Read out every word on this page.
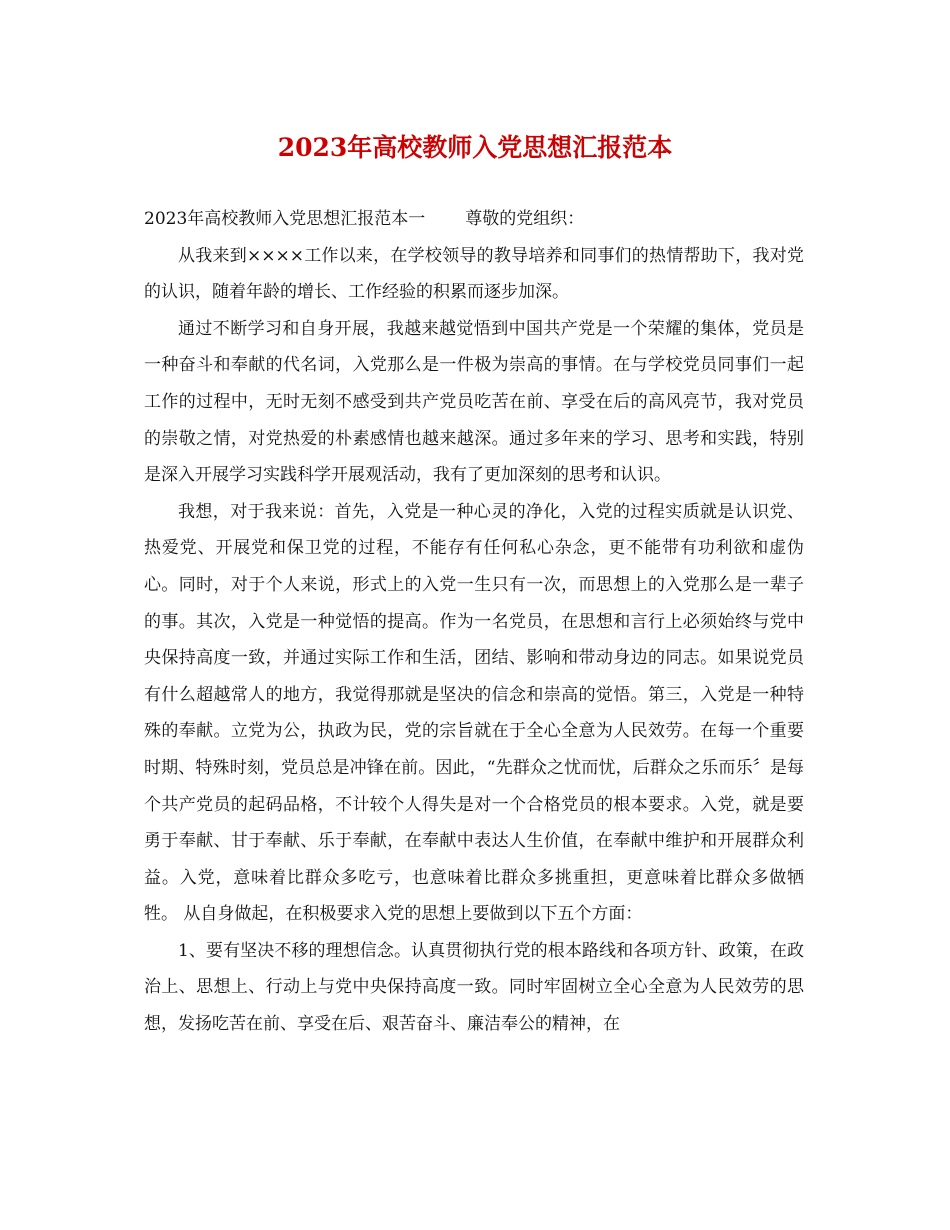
2023年高校教师入党思想汇报范本

2023年高校教师入党思想汇报范本一 尊敬的党组织：

从我来到××××工作以来，在学校领导的教导培养和同事们的热情帮助下，我对党的认识，随着年龄的增长、工作经验的积累而逐步加深。

通过不断学习和自身开展，我越来越觉悟到中国共产党是一个荣耀的集体，党员是一种奋斗和奉献的代名词，入党那么是一件极为崇高的事情。在与学校党员同事们一起工作的过程中，无时无刻不感受到共产党员吃苦在前、享受在后的高风亮节，我对党员的崇敬之情，对党热爱的朴素感情也越来越深。通过多年来的学习、思考和实践，特别是深入开展学习实践科学开展观活动，我有了更加深刻的思考和认识。

我想，对于我来说：首先，入党是一种心灵的净化，入党的过程实质就是认识党、热爱党、开展党和保卫党的过程，不能存有任何私心杂念，更不能带有功利欲和虚伪心。同时，对于个人来说，形式上的入党一生只有一次，而思想上的入党那么是一辈子的事。其次，入党是一种觉悟的提高。作为一名党员，在思想和言行上必须始终与党中央保持高度一致，并通过实际工作和生活，团结、影响和带动身边的同志。如果说党员有什么超越常人的地方，我觉得那就是坚决的信念和崇高的觉悟。第三，入党是一种特殊的奉献。立党为公，执政为民，党的宗旨就在于全心全意为人民效劳。在每一个重要时期、特殊时刻，党员总是冲锋在前。因此，“先群众之忧而忧，后群众之乐而乐〞是每个共产党员的起码品格，不计较个人得失是对一个合格党员的根本要求。入党，就是要勇于奉献、甘于奉献、乐于奉献，在奉献中表达人生价值，在奉献中维护和开展群众利益。入党，意味着比群众多吃亏，也意味着比群众多挑重担，更意味着比群众多做牺牲。 从自身做起，在积极要求入党的思想上要做到以下五个方面：

1、要有坚决不移的理想信念。认真贯彻执行党的根本路线和各项方针、政策，在政治上、思想上、行动上与党中央保持高度一致。同时牢固树立全心全意为人民效劳的思想，发扬吃苦在前、享受在后、艰苦奋斗、廉洁奉公的精神，在
